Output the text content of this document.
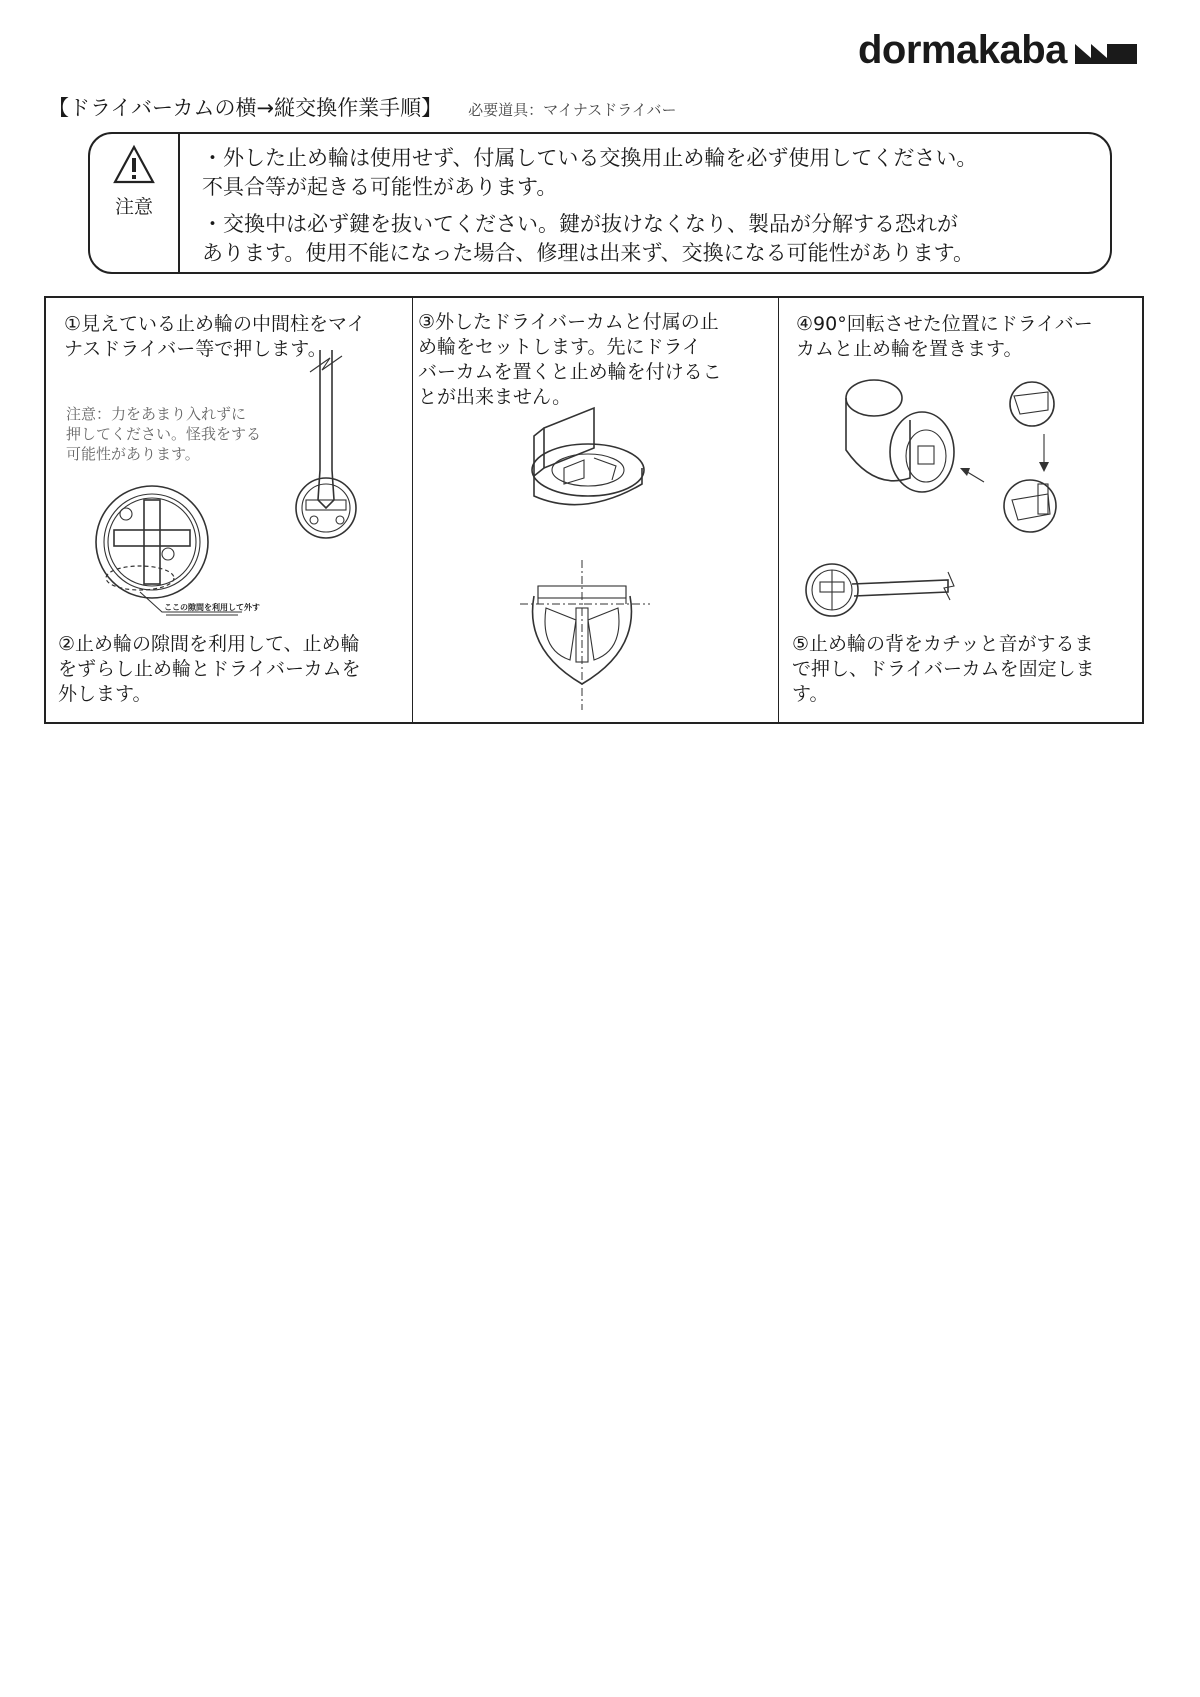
dormakaba
【ドライバーカムの横→縦交換作業手順】 必要道具：マイナスドライバー
注意

・外した止め輪は使用せず、付属している交換用止め輪を必ず使用してください。
不具合等が起きる可能性があります。

・交換中は必ず鍵を抜いてください。鍵が抜けなくなり、製品が分解する恐れが
あります。使用不能になった場合、修理は出来ず、交換になる可能性があります。

①見えている止め輪の中間柱をマイ
ナスドライバー等で押します。
注意：力をあまり入れずに
押してください。怪我をする
可能性があります。
ここの隙間を利用して外す
②止め輪の隙間を利用して、止め輪
をずらし止め輪とドライバーカムを
外します。
③外したドライバーカムと付属の止
め輪をセットします。先にドライ
バーカムを置くと止め輪を付けるこ
とが出来ません。
④90°回転させた位置にドライバー
カムと止め輪を置きます。
⑤止め輪の背をカチッと音がするま
で押し、ドライバーカムを固定しま
す。
